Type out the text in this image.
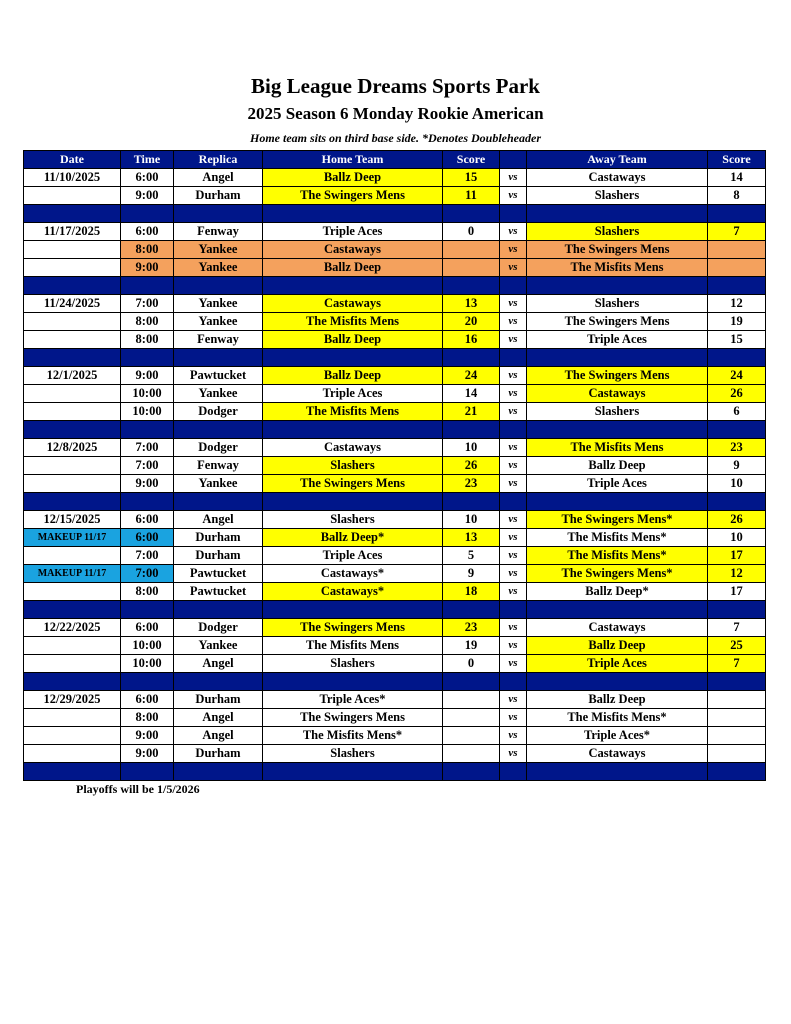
Big League Dreams Sports Park
2025 Season 6 Monday Rookie American
Home team sits on third base side. *Denotes Doubleheader
Date	Time	Replica	Home Team	Score		Away Team	Score
11/10/2025	6:00	Angel	Ballz Deep	15	vs	Castaways	14
	9:00	Durham	The Swingers Mens	11	vs	Slashers	8

11/17/2025	6:00	Fenway	Triple Aces	0	vs	Slashers	7
	8:00	Yankee	Castaways		vs	The Swingers Mens	
	9:00	Yankee	Ballz Deep		vs	The Misfits Mens	

11/24/2025	7:00	Yankee	Castaways	13	vs	Slashers	12
	8:00	Yankee	The Misfits Mens	20	vs	The Swingers Mens	19
	8:00	Fenway	Ballz Deep	16	vs	Triple Aces	15

12/1/2025	9:00	Pawtucket	Ballz Deep	24	vs	The Swingers Mens	24
	10:00	Yankee	Triple Aces	14	vs	Castaways	26
	10:00	Dodger	The Misfits Mens	21	vs	Slashers	6

12/8/2025	7:00	Dodger	Castaways	10	vs	The Misfits Mens	23
	7:00	Fenway	Slashers	26	vs	Ballz Deep	9
	9:00	Yankee	The Swingers Mens	23	vs	Triple Aces	10

12/15/2025	6:00	Angel	Slashers	10	vs	The Swingers Mens*	26
MAKEUP 11/17	6:00	Durham	Ballz Deep*	13	vs	The Misfits Mens*	10
	7:00	Durham	Triple Aces	5	vs	The Misfits Mens*	17
MAKEUP 11/17	7:00	Pawtucket	Castaways*	9	vs	The Swingers Mens*	12
	8:00	Pawtucket	Castaways*	18	vs	Ballz Deep*	17

12/22/2025	6:00	Dodger	The Swingers Mens	23	vs	Castaways	7
	10:00	Yankee	The Misfits Mens	19	vs	Ballz Deep	25
	10:00	Angel	Slashers	0	vs	Triple Aces	7

12/29/2025	6:00	Durham	Triple Aces*		vs	Ballz Deep	
	8:00	Angel	The Swingers Mens		vs	The Misfits Mens*	
	9:00	Angel	The Misfits Mens*		vs	Triple Aces*	
	9:00	Durham	Slashers		vs	Castaways	

Playoffs will be 1/5/2026
